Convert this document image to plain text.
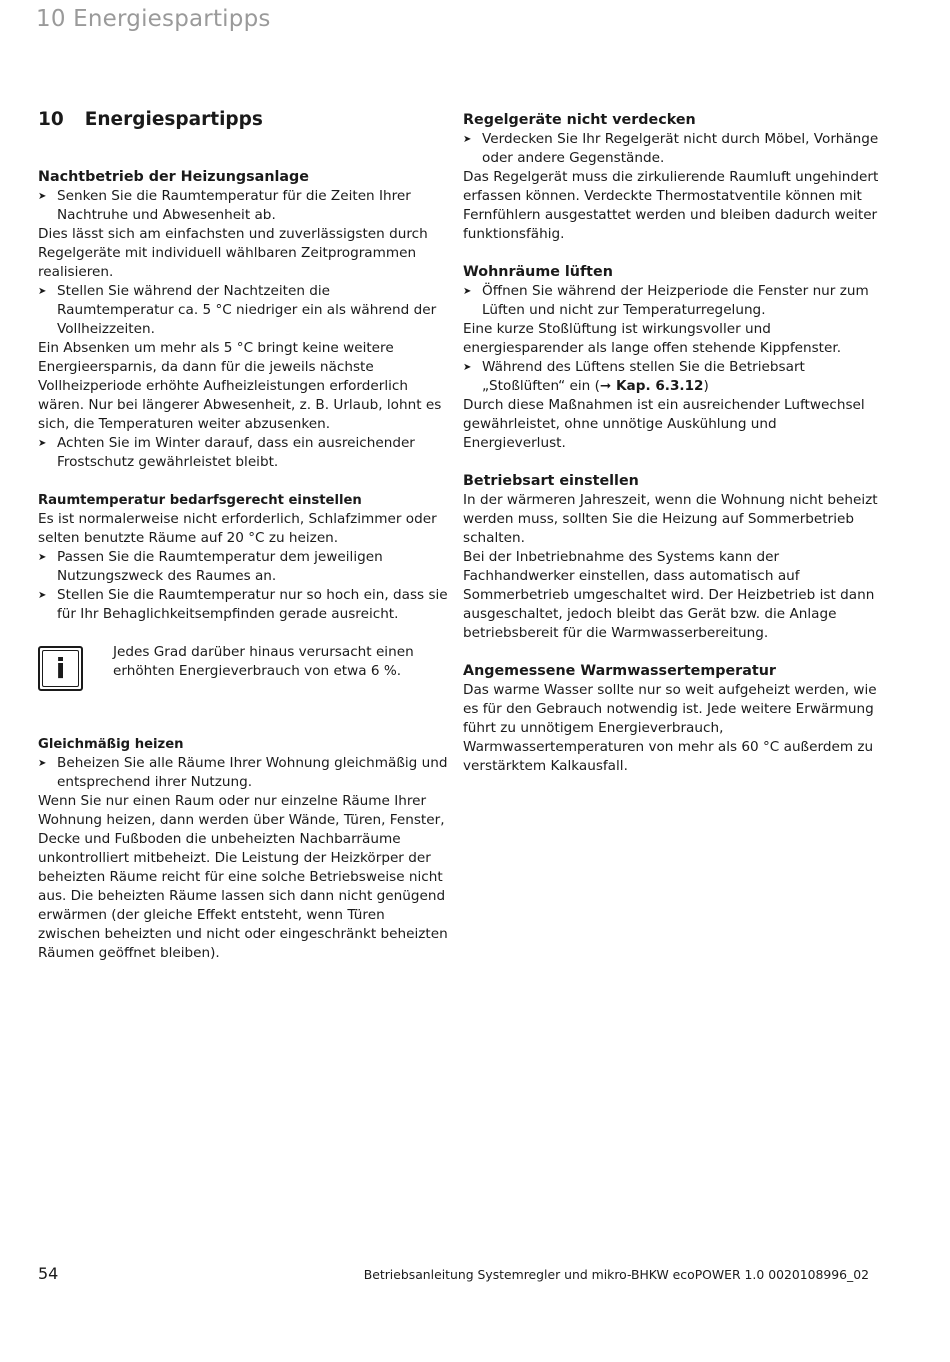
10 Energiespartipps
10 Energiespartipps
Nachtbetrieb der Heizungsanlage

➤ Senken Sie die Raumtemperatur für die Zeiten Ihrer Nachtruhe und Abwesenheit ab.

Dies lässt sich am einfachsten und zuverlässigsten durch Regelgeräte mit individuell wählbaren Zeitprogrammen realisieren.

➤ Stellen Sie während der Nachtzeiten die Raumtemperatur ca. 5 °C niedriger ein als während der Vollheizzeiten.

Ein Absenken um mehr als 5 °C bringt keine weitere Energieersparnis, da dann für die jeweils nächste Vollheizperiode erhöhte Aufheizleistungen erforderlich wären. Nur bei längerer Abwesenheit, z. B. Urlaub, lohnt es sich, die Temperaturen weiter abzusenken.

➤ Achten Sie im Winter darauf, dass ein ausreichender Frostschutz gewährleistet bleibt.

Raumtemperatur bedarfsgerecht einstellen

Es ist normalerweise nicht erforderlich, Schlafzimmer oder selten benutzte Räume auf 20 °C zu heizen.

➤ Passen Sie die Raumtemperatur dem jeweiligen Nutzungszweck des Raumes an.

➤ Stellen Sie die Raumtemperatur nur so hoch ein, dass sie für Ihr Behaglichkeitsempfinden gerade ausreicht.

i	Jedes Grad darüber hinaus verursacht einen erhöhten Energieverbrauch von etwa 6 %.

Gleichmäßig heizen

➤ Beheizen Sie alle Räume Ihrer Wohnung gleichmäßig und entsprechend ihrer Nutzung.

Wenn Sie nur einen Raum oder nur einzelne Räume Ihrer Wohnung heizen, dann werden über Wände, Türen, Fenster, Decke und Fußboden die unbeheizten Nachbarräume unkontrolliert mitbeheizt. Die Leistung der Heizkörper der beheizten Räume reicht für eine solche Betriebsweise nicht aus. Die beheizten Räume lassen sich dann nicht genügend erwärmen (der gleiche Effekt entsteht, wenn Türen zwischen beheizten und nicht oder eingeschränkt beheizten Räumen geöffnet bleiben).

Regelgeräte nicht verdecken

➤ Verdecken Sie Ihr Regelgerät nicht durch Möbel, Vorhänge oder andere Gegenstände.

Das Regelgerät muss die zirkulierende Raumluft ungehindert erfassen können. Verdeckte Thermostatventile können mit Fernfühlern ausgestattet werden und bleiben dadurch weiter funktionsfähig.

Wohnräume lüften

➤ Öffnen Sie während der Heizperiode die Fenster nur zum Lüften und nicht zur Temperaturregelung.

Eine kurze Stoßlüftung ist wirkungsvoller und energiesparender als lange offen stehende Kippfenster.

➤ Während des Lüftens stellen Sie die Betriebsart „Stoßlüften“ ein (➞ Kap. 6.3.12)

Durch diese Maßnahmen ist ein ausreichender Luftwechsel gewährleistet, ohne unnötige Auskühlung und Energieverlust.

Betriebsart einstellen

In der wärmeren Jahreszeit, wenn die Wohnung nicht beheizt werden muss, sollten Sie die Heizung auf Sommerbetrieb schalten.

Bei der Inbetriebnahme des Systems kann der Fachhandwerker einstellen, dass automatisch auf Sommerbetrieb umgeschaltet wird. Der Heizbetrieb ist dann ausgeschaltet, jedoch bleibt das Gerät bzw. die Anlage betriebsbereit für die Warmwasserbereitung.

Angemessene Warmwassertemperatur

Das warme Wasser sollte nur so weit aufgeheizt werden, wie es für den Gebrauch notwendig ist. Jede weitere Erwärmung führt zu unnötigem Energieverbrauch, Warmwassertemperaturen von mehr als 60 °C außerdem zu verstärktem Kalkausfall.

54	Betriebsanleitung Systemregler und mikro-BHKW ecoPOWER 1.0 0020108996_02
